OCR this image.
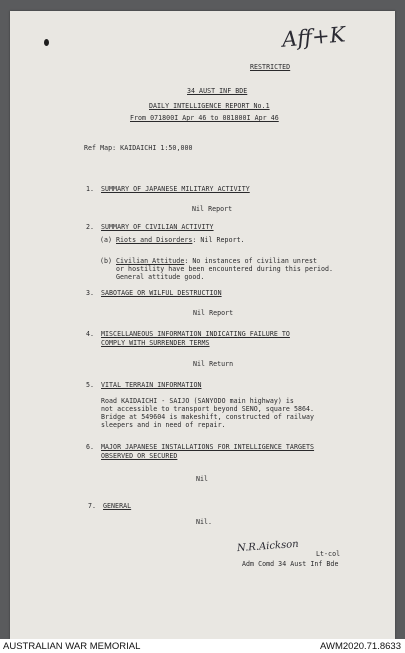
Aff+K
RESTRICTED
34 AUST INF BDE
DAILY INTELLIGENCE REPORT No.1
From 071800I Apr 46 to 081800I Apr 46
Ref Map: KAIDAICHI 1:50,000
1. SUMMARY OF JAPANESE MILITARY ACTIVITY
Nil Report
2. SUMMARY OF CIVILIAN ACTIVITY
(a) Riots and Disorders: Nil Report.
(b) Civilian Attitude: No instances of civilian unrest
or hostility have been encountered during this period.
General attitude good.
3. SABOTAGE OR WILFUL DESTRUCTION
Nil Report
4. MISCELLANEOUS INFORMATION INDICATING FAILURE TO
COMPLY WITH SURRENDER TERMS
Nil Return
5. VITAL TERRAIN INFORMATION
Road KAIDAICHI - SAIJO (SANYODO main highway) is
not accessible to transport beyond SENO, square 5864.
Bridge at 549604 is makeshift, constructed of railway
sleepers and in need of repair.
6. MAJOR JAPANESE INSTALLATIONS FOR INTELLIGENCE TARGETS
OBSERVED OR SECURED
Nil
7. GENERAL
Nil.
N.R.Aickson	Lt-col
Adm Comd 34 Aust Inf Bde
AUSTRALIAN WAR MEMORIAL	AWM2020.71.8633
